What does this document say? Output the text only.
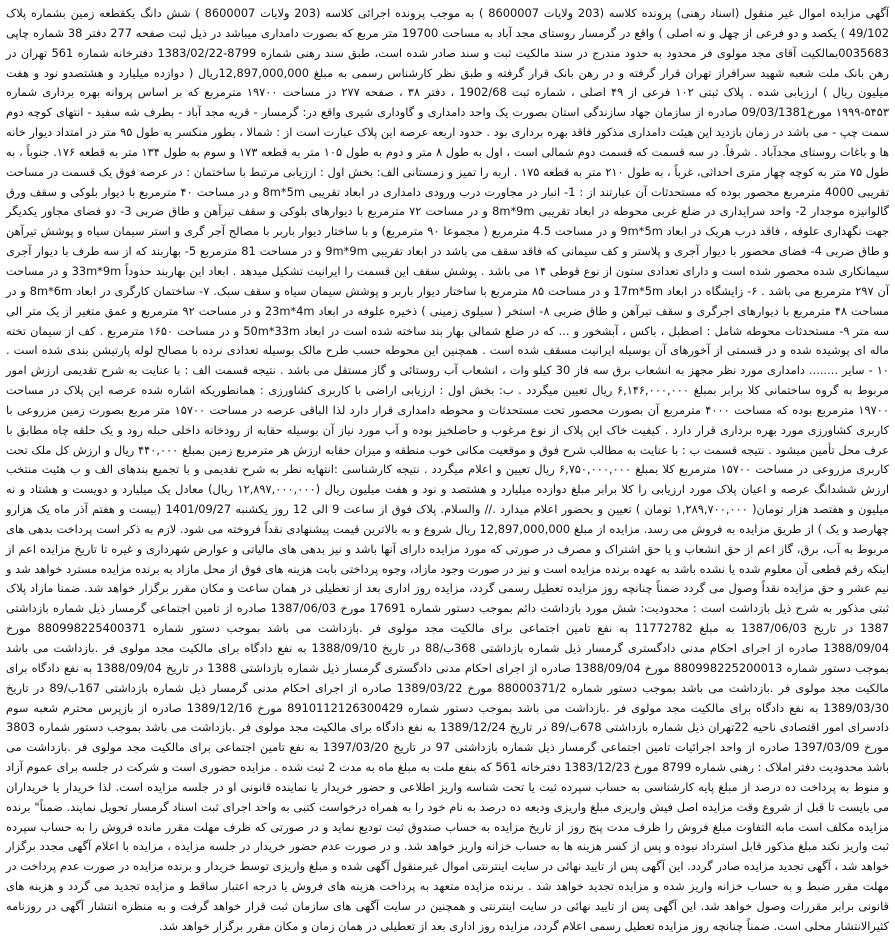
آگهی مزایده اموال غیر منقول (اسناد رهنی) پرونده کلاسه (203 ولایات 8600007 ) به موجب پرونده اجرائی کلاسه (203 ولایات 8600007 ) شش دانگ یکقطعه زمین بشماره پلاک 49/102 ) یکصد و دو فرعی از چهل و نه اصلی ) واقع در گرمسار روستای مجد آباد به مساحت 19700 متر مربع که بصورت دامداری میباشد در ذیل ثبت صفحه 277 دفتر 38 شماره چاپی 0035683بمالکیت آقای مجد مولوی فر محدود به حدود مندرج در سند مالکیت ثبت و سند صادر شده است، طبق سند رهنی شماره 8799-1383/02/22 دفترخانه شماره 561 تهران در رهن بانک ملت شعبه شهید سرافراز تهران قرار گرفته و در رهن بانک قرار گرفته و طبق نظر کارشناس رسمی به مبلغ 12,897,000,000ریال ( دوازده میلیارد و هشتصدو نود و هفت میلیون ریال ) ارزیابی شده . پلاک ثبتی ۱۰۲ فرعی از ۴۹ اصلی ، شماره ثبت 1902/68 ، دفتر ۳۸ ، صفحه ۲۷۷ در مساحت ۱۹۷۰۰ مترمربع که بر اساس پروانه بهره برداری شماره ۵۴۵۳-۱۹۹۹ مورخ09/03/1381 صادره از سازمان جهاد سازندگی استان بصورت یک واحد دامداری و گاوداری شیری واقع در: گرمسار - قریه مجد آباد - بطرف شه سفید - انتهای کوچه دوم سمت چپ - می باشد در زمان بازدید این هیئت دامداری مذکور فاقد بهره برداری بود . حدود اربعه عرصه این پلاک عبارت است از : شمالا ، بطور منکسر به طول ۹۵ متر در امتداد دیوار خانه ها و باغات روستای مجدآباد . شرقاً. در سه قسمت که قسمت دوم شمالی است ، اول به طول ۸ متر و دوم به طول ۱۰۵ متر به قطعه ۱۷۳ و سوم به طول ۱۳۴ متر به قطعه ۱۷۶. جنوباً ، به طول ۷۵ متر به کوچه چهار متری احداثی، غرباً ، به طول ۲۱۰ متر به قطعه ۱۷۵ . اربه را تمیز و زمستانی الف: بخش اول : ارزیابی مرتبط با ساختمان : در عرصه فوق یک قسمت در مساحت تقریبی 4000 مترمربع محصور بوده که مستحدثات آن عبارتند از : 1- انبار در مجاورت درب ورودی دامداری در ابعاد تقریبی 8m*5m و در مساحت ۴۰ مترمربع با دیوار بلوکی و سقف ورق گالوانیزه موجدار 2- واحد سرایداری در ضلع غربی محوطه در ابعاد تقریبی 8m*9m و در مساحت ۷۲ مترمربع با دیوارهای بلوکی و سقف تیرآهن و طاق ضربی 3- دو فضای مجاور یکدیگر جهت نگهداری علوفه ، فاقد درب هریک در ابعاد 9m*5m و در مساحت 4.5 مترمربع ( مجموعا ۹۰ مترمربع) و با ساختار دیوار باربر با مصالح آجر گری و استر سیمان سیاه و پوشش تیرآهن و طاق ضربی 4- فضای محصور با دیوار آجری و پلاستر و کف سیمانی که فاقد سقف می باشد در ابعاد تقریبی 9m*9m و در مساحت 81 مترمربع 5- بهاربند که از سه طرف با دیوار آجری سیمانکاری شده محصور شده است و دارای تعدادی ستون از نوع قوطی ۱۴ می باشد . پوشش سقف این قسمت را ایرانیت تشکیل میدهد . ابعاد این بهاربند حدوداً 33m*9m و در مساحت آن ۲۹۷ مترمربع می باشد . ۶- زایشگاه در ابعاد 17m*5m و در مساحت ۸۵ مترمربع با ساختار دیوار باربر و پوشش سیمان سیاه و سقف سبک. ۷- ساختمان کارگری در ابعاد 8m*6m و در مساحت ۴۸ مترمربع با دیوارهای اجرگری و سقف تیرآهن و طاق ضربی ۸- استخر ( سیلوی زمینی ) ذخیره علوفه در ابعاد 23m*4m و در مساحت ۹۲ مترمربع و عمق متغیر از یک متر الی سه متر ۹- مستحدثات محوطه شامل : اصطبل ، باکس ، آبشخور و ... که در ضلع شمالی بهار بند ساخته شده است در ابعاد 50m*33m و در مساحت ۱۶۵۰ مترمربع . کف از سیمان تخته ماله ای پوشیده شده و در قسمتی از آخورهای آن بوسیله ایرانیت مسقف شده است . همچنین این محوطه حسب طرح مالک بوسیله تعدادی نرده با مصالح لوله پارتیشن بندی شده است . ۱۰ - سایر ........ دامداری مورد نظر مجهز به انشعاب برق سه فاز 30 کیلو وات ، انشعاب آب روستائی و گاز مستقل می باشد . نتیجه قسمت الف : با عنایت به شرح تقدیمی ارزش امور مربوط به گروه ساختمانی کلا برابر بمبلغ ۶,۱۴۶,۰۰۰,۰۰۰ ریال تعیین میگردد . ب: بخش اول : ارزیابی اراضی با کاربری کشاورزی : همانطوریکه اشاره شده عرصه این پلاک در مساحت ۱۹۷۰۰ مترمربع بوده که مساحت ۴۰۰۰ مترمربع آن بصورت محصور تحت مستحدثات و محوطه دامداری قرار دارد لذا الباقی عرصه در مساحت ۱۵۷۰۰ متر مربع بصورت زمین مزروعی با کاربری کشاورزی مورد بهره برداری قرار دارد . کیفیت خاک این پلاک از نوع مرغوب و حاصلخیز بوده و آب مورد نیاز آن بوسیله حقابه از رودخانه داخلی حبله رود و یک حلقه چاه مطابق با عرف محل تأمین میشود . نتیجه قسمت ب : با عنایت به مطالب شرح فوق و موقعیت مکانی خوب منطقه و میزان حقابه ارزش هر مترمربع زمین بمبلغ ۴۴۰,۰۰۰ ریال و ارزش کل ملک تحت کاربری مزروعی در مساحت ۱۵۷۰۰ مترمربع کلا بمبلغ ۶,۷۵۰,۰۰۰,۰۰۰ ریال تعیین و اعلام میگردد . نتیجه کارشناسی :انتهایه نظر به شرح تقدیمی و با تجمیع بندهای الف و ب هئیت منتخب ارزش ششدانگ عرصه و اعیان پلاک مورد ارزیابی را کلا برابر مبلغ دوازده میلیارد و هشتصد و نود و هفت میلیون ریال (۱۲,۸۹۷,۰۰۰,۰۰۰ ریال) معادل یک میلیارد و دویست و هشتاد و نه میلیون و هفتصد هزار تومان( ۱,۲۸۹,۷۰۰,۰۰۰ تومان ) تعیین و بحضور اعلام میدارد .// والسلام. پلاک فوق از ساعت 9 الی 12 روز یکشنبه 1401/09/27 (بیست و هفتم آذر ماه یک هزارو چهارصد و یک ) از طریق مزایده به فروش می رسد. مزایده از مبلغ 12,897,000,000 ریال شروع و به بالاترین قیمت پیشنهادی نقداً فروخته می شود. لازم به ذکر است پرداخت بدهی های مربوط به آب، برق، گاز اعم از حق انشعاب و یا حق اشتراک و مصرف در صورتی که مورد مزایده دارای آنها باشد و نیز بدهی های مالیاتی و عوارض شهرداری و غیره تا تاریخ مزایده اعم از اینکه رقم قطعی آن معلوم شده یا نشده باشد به عهده برنده مزایده است و نیز در صورت وجود مازاد، وجوه پرداختی بابت هزینه های فوق از محل مازاد به برنده مزایده مسترد خواهد شد و نیم عشر و حق مزایده نقداً وصول می گردد ضمناً چنانچه روز مزایده تعطیل رسمی گردد، مزایده روز اداری بعد از تعطیلی در همان ساعت و مکان مقرر برگزار خواهد شد. ضمنا مازاد پلاک ثبتی مذکور به شرح ذیل بازداشت است : محدودیت: شش مورد بازداشت دائم بموجب دستور شماره 17691 مورخ 1387/06/03 صادره از تامین اجتماعی گرمسار ذیل شماره بازداشتی 1387 در تاریخ 1387/06/03 به مبلغ 11772782 به نفع تامین اجتماعی برای مالکیت مجد مولوی فر .بازداشت می باشد بموجب دستور شماره 880998225400371 مورخ 1388/09/04 صادره از اجرای احکام مدنی دادگستری گرمسار ذیل شماره بازداشتی 368ب/88 در تاریخ 1388/09/10 به نفع دادگاه برای مالکیت مجد مولوی فر .بازداشت می باشد بموجب دستور شماره 880998225200013 مورخ 1388/09/04 صادره از اجرای احکام مدنی دادگستری گرمسار ذیل شماره بازداشتی 1388 در تاریخ 1388/09/04 به نفع دادگاه برای مالکیت مجد مولوی فر .بازداشت می باشد بموجب دستور شماره 88000371/2 مورخ 1389/03/22 صادره از اجرای احکام مدنی گرمسار ذیل شماره بازداشتی 167ب/89 در تاریخ 1389/03/30 به نفع دادگاه برای مالکیت مجد مولوی فر .بازداشت می باشد بموجب دستور شماره 8910112126300429 مورخ 1389/12/16 صادره از بازپرس محترم شعبه سوم دادسرای امور اقتصادی ناحیه 22تهران ذیل شماره بازداشتی 678ب/89 در تاریخ 1389/12/24 به نفع دادگاه برای مالکیت مجد مولوی فر .بازداشت می باشد بموجب دستور شماره 3803 مورخ 1397/03/09 صادره از واحد اجرائیات تامین اجتماعی گرمسار ذیل شماره بازداشتی 97 در تاریخ 1397/03/20 به نفع تامین اجتماعی برای مالکیت مجد مولوی فر .بازداشت می باشد محدودیت دفتر املاک : رهنی شماره 8799 مورخ 1383/12/23 دفترخانه 561 که بنفع ملت به مبلغ ماه به مدت 2 ثبت شده . مزایده حضوری است و شرکت در جلسه برای عموم آزاد و منوط به پرداخت ده درصد از مبلغ پایه کارشناسی به حساب سپرده ثبت یا تحت شناسه واریز اطلاعی و حضور خریدار یا نماینده قانونی او در جلسه مزایده است. لذا خریدار یا خریداران می بایست تا قبل از شروع وقت مزایده اصل فیش واریزی مبلغ واریزی ودیعه ده درصد به نام خود را به همراه درخواست کتبی به واحد اجرای ثبت اسناد گرمسار تحویل نمایند. ضمناً" برنده مزایده مکلف است مابه التفاوت مبلغ فروش را ظرف مدت پنج روز از تاریخ مزایده به حساب صندوق ثبت تودیع نماید و در صورتی که ظرف مهلت مقرر مانده فروش را به حساب سپرده ثبت واریز نکند مبلغ مذکور قابل استرداد نبوده و پس از کسر هزینه ها به حساب خزانه واریز خواهد شد. و در صورت عدم حضور خریدار در جلسه مزایده ، مزایده با اعلام آگهی مجدد برگزار خواهد شد ، آگهی تجدید مزایده صادر گردد. این آگهی پس از تایید نهائی در سایت اینترنتی اموال غیرمنقول آگهی شده و مبلغ واریزی توسط خریدار و برنده مزایده در صورت عدم پرداخت در مهلت مقرر ضبط و به حساب خزانه واریز شده و مزایده تجدید خواهد شد . برنده مزایده متعهد به پرداخت هزینه های فروش یا درجه اعتبار ساقط و مزایده تجدید می گردد و هزینه های قانونی برابر مقررات وصول خواهد شد. این آگهی پس از تایید نهائی در سایت اینترنتی و همچنین در سایت آگهی های سازمان ثبت قرار خواهد گرفت و به منظره انتشار آگهی در روزنامه کثیرالانتشار محلی است. ضمناً چنانچه روز مزایده تعطیل رسمی اعلام گردد، مزایده روز اداری بعد از تعطیلی در همان زمان و مکان مقرر برگزار خواهد شد.
